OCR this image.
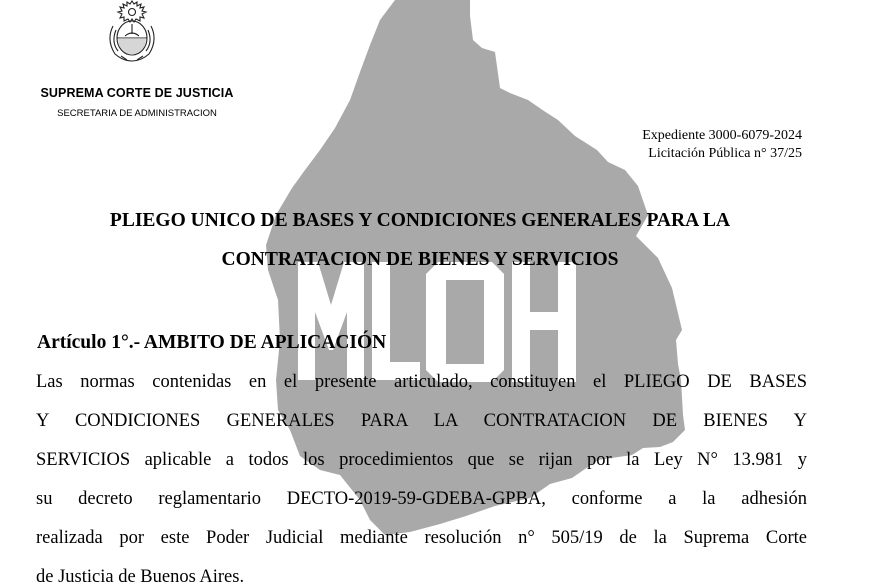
SUPREMA CORTE DE JUSTICIA
SECRETARIA DE ADMINISTRACION
Expediente 3000-6079-2024
Licitación Pública n° 37/25
PLIEGO UNICO DE BASES Y CONDICIONES GENERALES PARA LA
CONTRATACION DE BIENES Y SERVICIOS
Artículo 1°.- AMBITO DE APLICACIÓN
Las normas contenidas en el presente articulado, constituyen el PLIEGO DE BASES
Y CONDICIONES GENERALES PARA LA CONTRATACION DE BIENES Y
SERVICIOS aplicable a todos los procedimientos que se rijan por la Ley N° 13.981 y
su decreto reglamentario DECTO-2019-59-GDEBA-GPBA, conforme a la adhesión
realizada por este Poder Judicial mediante resolución n° 505/19 de la Suprema Corte
de Justicia de Buenos Aires.
